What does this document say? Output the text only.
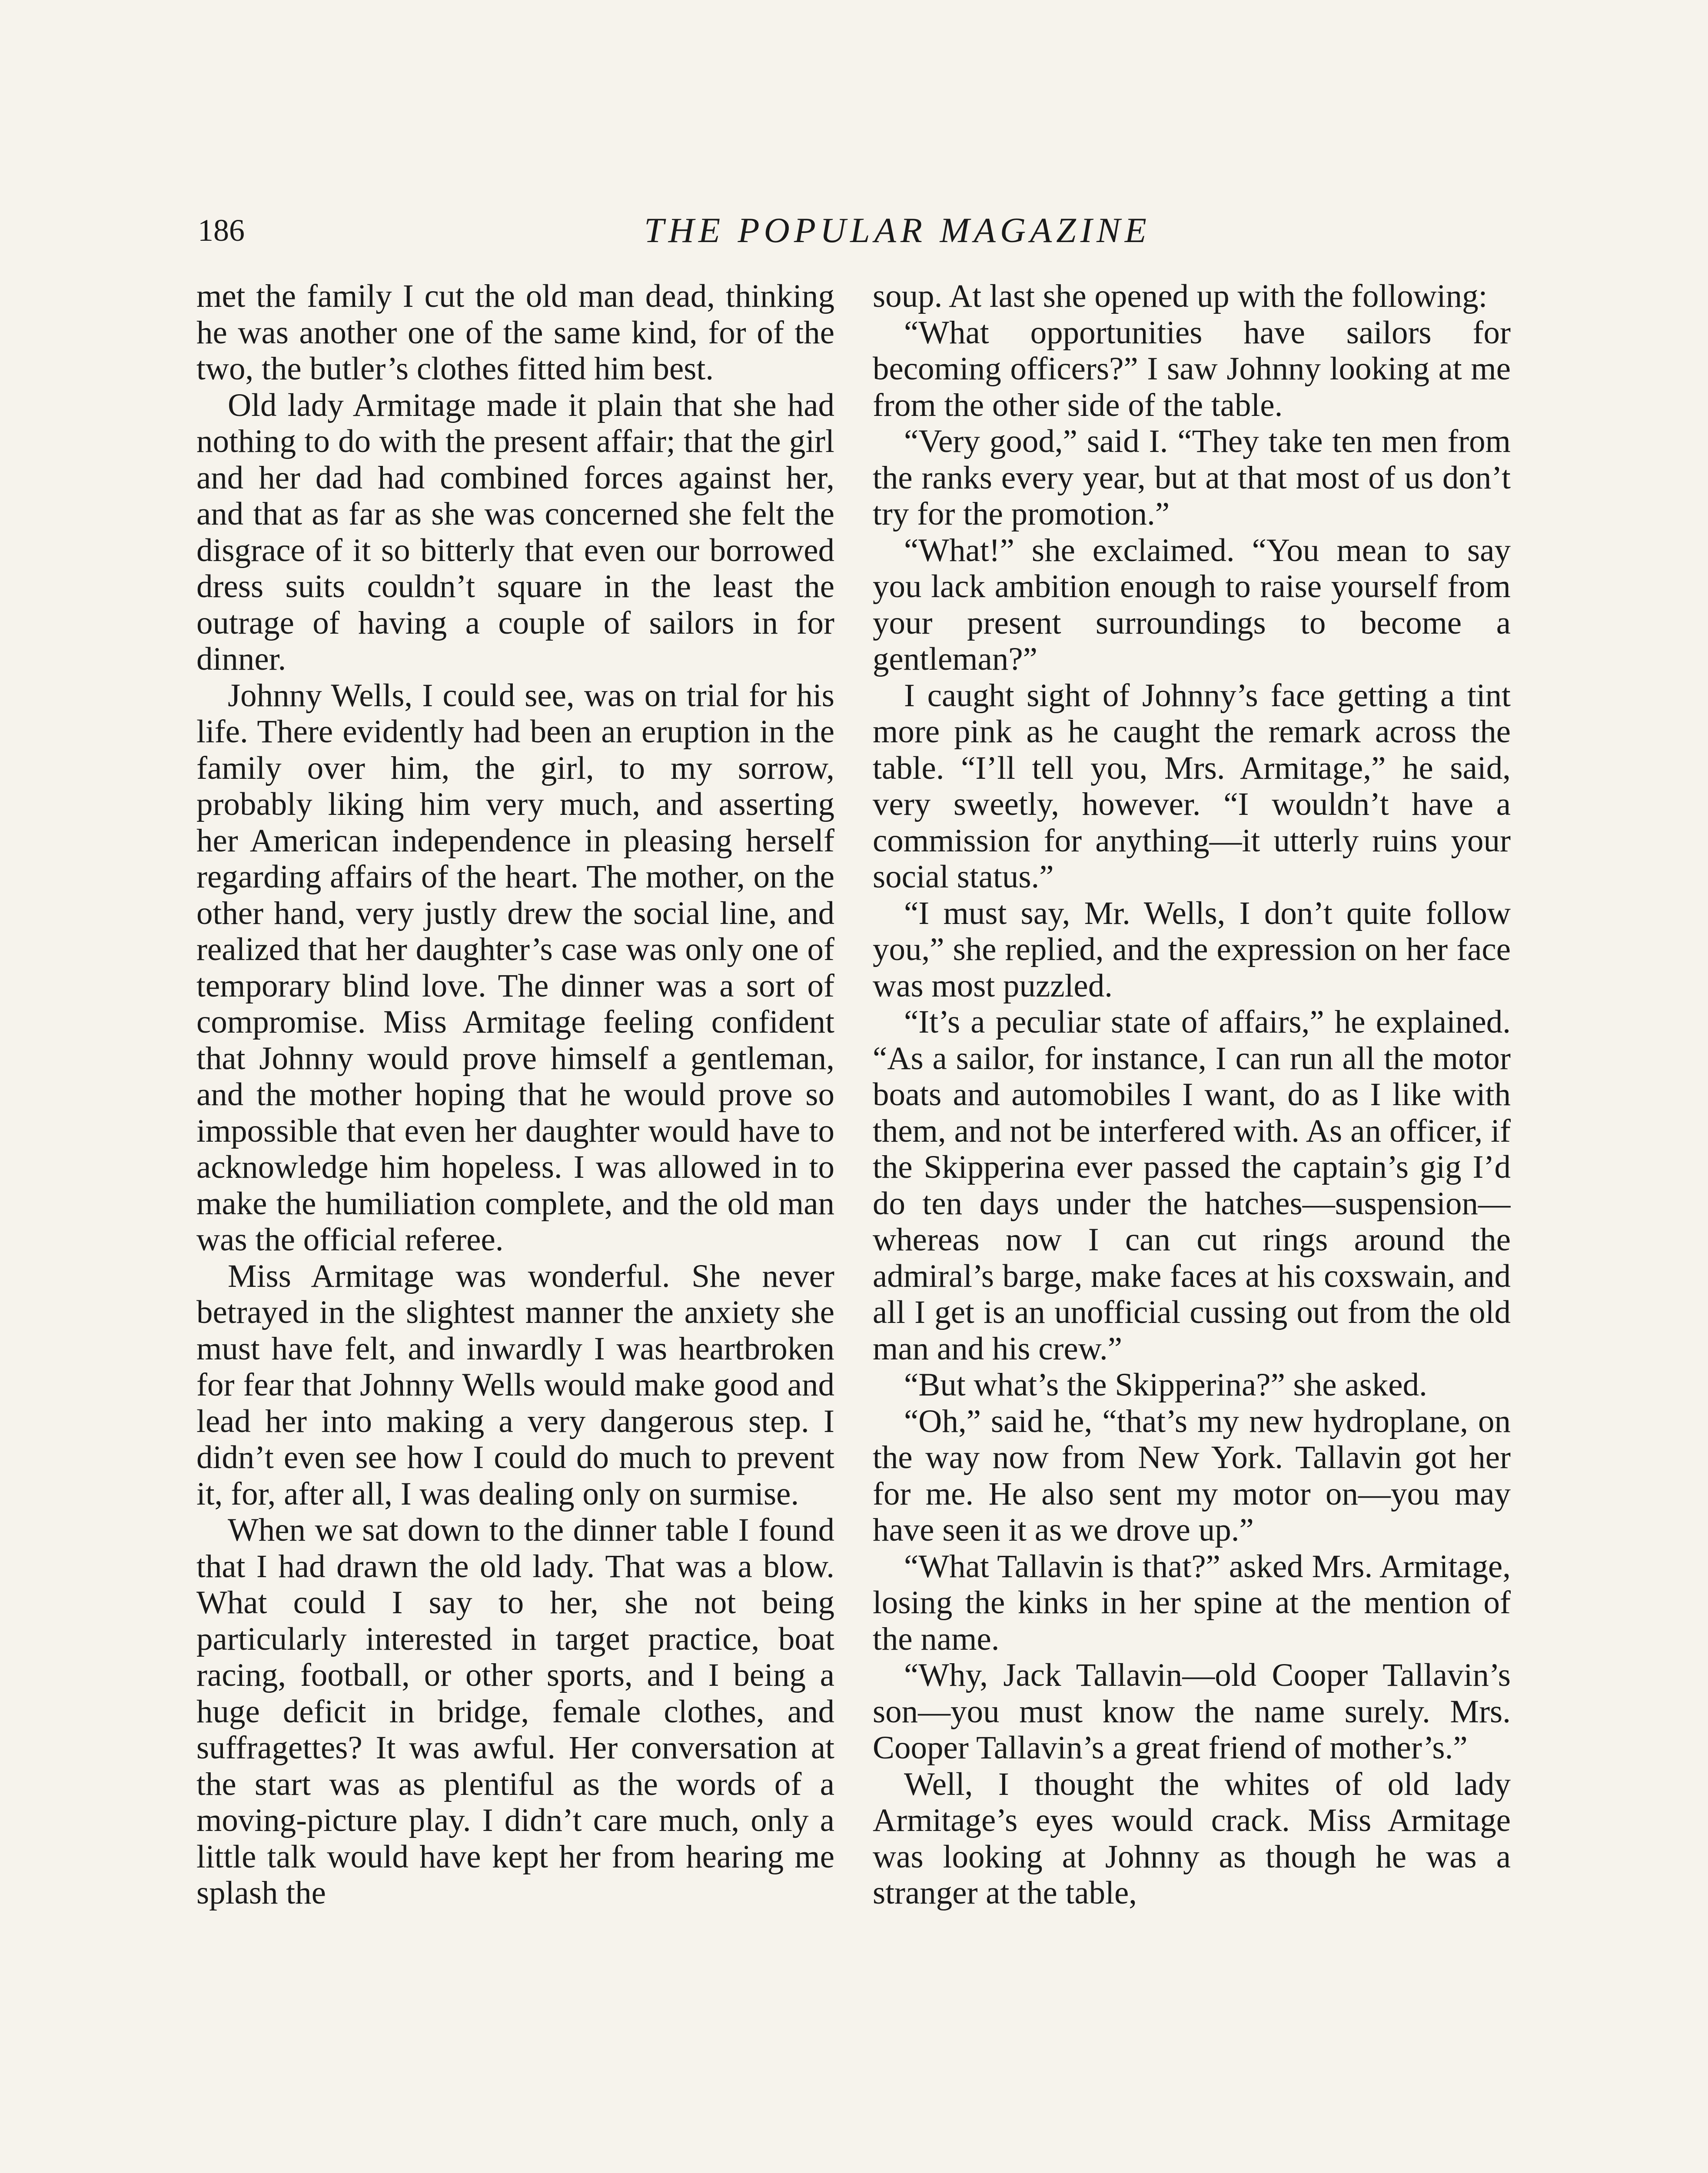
186	THE POPULAR MAGAZINE

met the family I cut the old man dead, thinking he was another one of the same kind, for of the two, the butler’s clothes fitted him best.

Old lady Armitage made it plain that she had nothing to do with the present affair; that the girl and her dad had combined forces against her, and that as far as she was concerned she felt the disgrace of it so bitterly that even our borrowed dress suits couldn’t square in the least the outrage of having a couple of sailors in for dinner.

Johnny Wells, I could see, was on trial for his life. There evidently had been an eruption in the family over him, the girl, to my sorrow, probably liking him very much, and asserting her American independence in pleasing herself regarding affairs of the heart. The mother, on the other hand, very justly drew the social line, and realized that her daughter’s case was only one of temporary blind love. The dinner was a sort of compromise. Miss Armitage feeling confident that Johnny would prove himself a gentleman, and the mother hoping that he would prove so impossible that even her daughter would have to acknowledge him hopeless. I was allowed in to make the humiliation complete, and the old man was the official referee.

Miss Armitage was wonderful. She never betrayed in the slightest manner the anxiety she must have felt, and inwardly I was heartbroken for fear that Johnny Wells would make good and lead her into making a very dangerous step. I didn’t even see how I could do much to prevent it, for, after all, I was dealing only on surmise.

When we sat down to the dinner table I found that I had drawn the old lady. That was a blow. What could I say to her, she not being particularly interested in target practice, boat racing, football, or other sports, and I being a huge deficit in bridge, female clothes, and suffragettes? It was awful. Her conversation at the start was as plentiful as the words of a moving-picture play. I didn’t care much, only a little talk would have kept her from hearing me splash the

soup. At last she opened up with the following:

“What opportunities have sailors for becoming officers?” I saw Johnny looking at me from the other side of the table.

“Very good,” said I. “They take ten men from the ranks every year, but at that most of us don’t try for the promotion.”

“What!” she exclaimed. “You mean to say you lack ambition enough to raise yourself from your present surroundings to become a gentleman?”

I caught sight of Johnny’s face getting a tint more pink as he caught the remark across the table. “I’ll tell you, Mrs. Armitage,” he said, very sweetly, however. “I wouldn’t have a commission for anything—it utterly ruins your social status.”

“I must say, Mr. Wells, I don’t quite follow you,” she replied, and the expression on her face was most puzzled.

“It’s a peculiar state of affairs,” he explained. “As a sailor, for instance, I can run all the motor boats and automobiles I want, do as I like with them, and not be interfered with. As an officer, if the Skipperina ever passed the captain’s gig I’d do ten days under the hatches—suspension—whereas now I can cut rings around the admiral’s barge, make faces at his coxswain, and all I get is an unofficial cussing out from the old man and his crew.”

“But what’s the Skipperina?” she asked.

“Oh,” said he, “that’s my new hydroplane, on the way now from New York. Tallavin got her for me. He also sent my motor on—you may have seen it as we drove up.”

“What Tallavin is that?” asked Mrs. Armitage, losing the kinks in her spine at the mention of the name.

“Why, Jack Tallavin—old Cooper Tallavin’s son—you must know the name surely. Mrs. Cooper Tallavin’s a great friend of mother’s.”

Well, I thought the whites of old lady Armitage’s eyes would crack. Miss Armitage was looking at Johnny as though he was a stranger at the table,
